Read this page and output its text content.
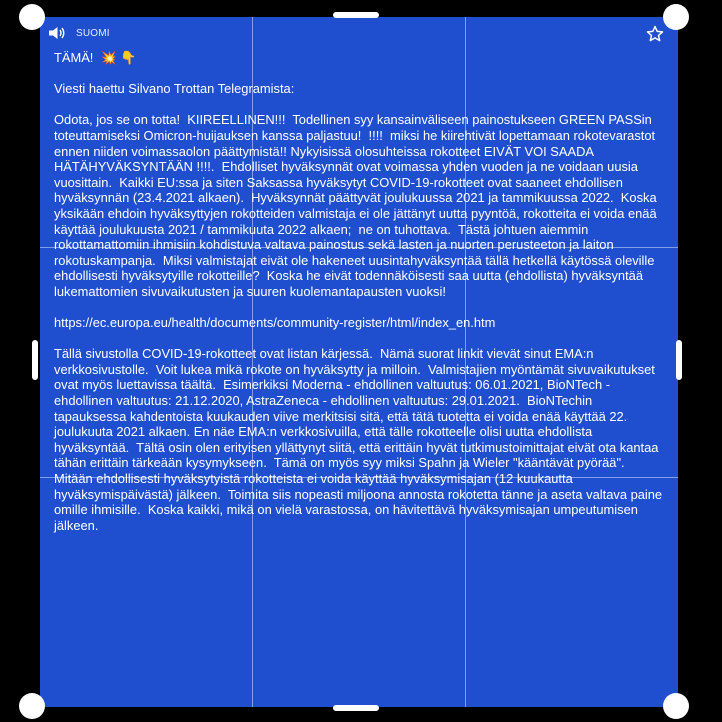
SUOMI

TÄMÄ! 💥 👇

Viesti haettu Silvano Trottan Telegramista:

Odota, jos se on totta!  KIIREELLINEN!!!  Todellinen syy kansainväliseen painostukseen GREEN PASSin toteuttamiseksi Omicron-huijauksen kanssa paljastuu!  !!!!  miksi he kiirehtivät lopettamaan rokotevarastot ennen niiden voimassaolon päättymistä!! Nykyisissä olosuhteissa rokotteet EIVÄT VOI SAADA HÄTÄHYVÄKSYNTÄÄN !!!!.  Ehdolliset hyväksynnät ovat voimassa yhden vuoden ja ne voidaan uusia vuosittain.  Kaikki EU:ssa ja siten Saksassa hyväksytyt COVID-19-rokotteet ovat saaneet ehdollisen hyväksynnän (23.4.2021 alkaen).  Hyväksynnät päättyvät joulukuussa 2021 ja tammikuussa 2022.  Koska yksikään ehdoin hyväksyttyjen rokotteiden valmistaja ei ole jättänyt uutta pyyntöä, rokotteita ei voida enää käyttää joulukuusta 2021 / tammikuuta 2022 alkaen;  ne on tuhottava.  Tästä johtuen aiemmin rokottamattomiin ihmisiin kohdistuva valtava painostus sekä lasten ja nuorten perusteeton ja laiton rokotuskampanja.  Miksi valmistajat eivät ole hakeneet uusintahyväksyntää tällä hetkellä käytössä oleville ehdollisesti hyväksytyille rokotteille?  Koska he eivät todennäköisesti saa uutta (ehdollista) hyväksyntää lukemattomien sivuvaikutusten ja suuren kuolemantapausten vuoksi!

https://ec.europa.eu/health/documents/community-register/html/index_en.htm

Tällä sivustolla COVID-19-rokotteet ovat listan kärjessä.  Nämä suorat linkit vievät sinut EMA:n verkkosivustolle.  Voit lukea mikä rokote on hyväksytty ja milloin.  Valmistajien myöntämät sivuvaikutukset ovat myös luettavissa täältä.  Esimerkiksi Moderna - ehdollinen valtuutus: 06.01.2021, BioNTech - ehdollinen valtuutus: 21.12.2020, AstraZeneca - ehdollinen valtuutus: 29.01.2021.  BioNTechin tapauksessa kahdentoista kuukauden viive merkitsisi sitä, että tätä tuotetta ei voida enää käyttää 22. joulukuuta 2021 alkaen. En näe EMA:n verkkosivuilla, että tälle rokotteelle olisi uutta ehdollista hyväksyntää.  Tältä osin olen erityisen yllättynyt siitä, että erittäin hyvät tutkimustoimittajat eivät ota kantaa tähän erittäin tärkeään kysymykseen.  Tämä on myös syy miksi Spahn ja Wieler "kääntävät pyörää".  Mitään ehdollisesti hyväksytyistä rokotteista ei voida käyttää hyväksymisajan (12 kuukautta hyväksymispäivästä) jälkeen.  Toimita siis nopeasti miljoona annosta rokotetta tänne ja aseta valtava paine omille ihmisille.  Koska kaikki, mikä on vielä varastossa, on hävitettävä hyväksymisajan umpeutumisen jälkeen.
